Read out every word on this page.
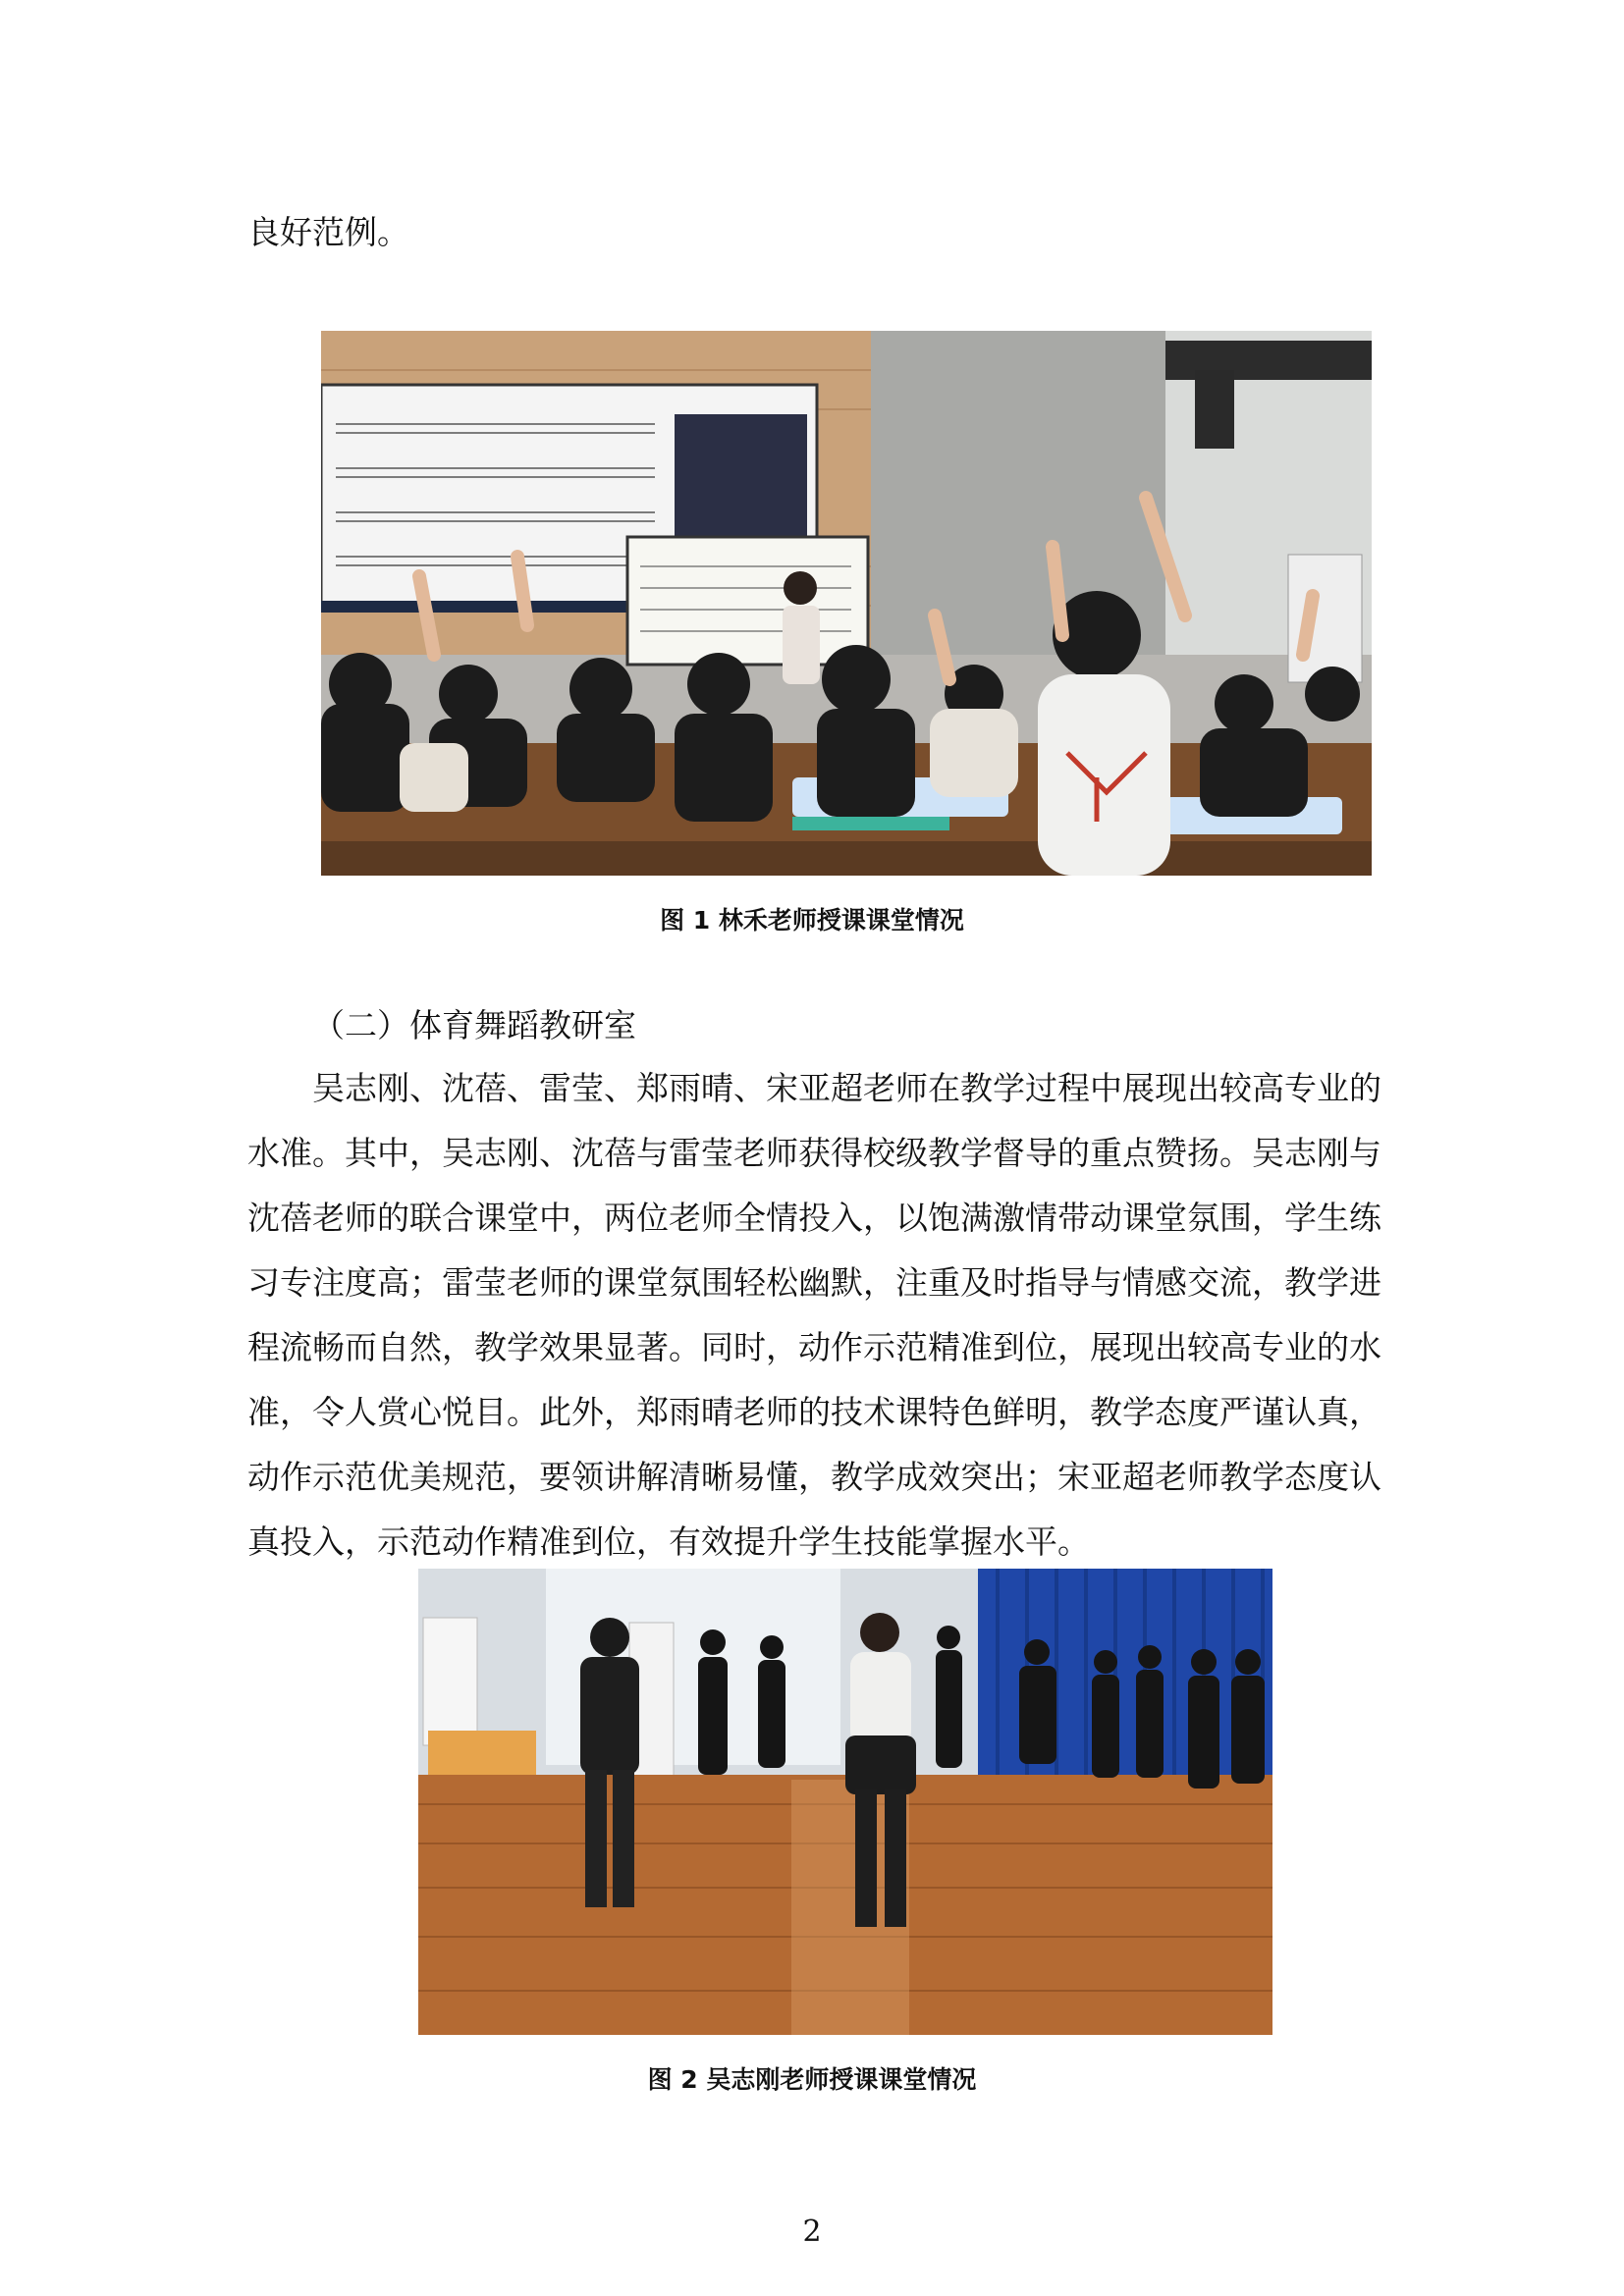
良好范例。

图 1 林禾老师授课课堂情况

（二）体育舞蹈教研室

吴志刚、沈蓓、雷莹、郑雨晴、宋亚超老师在教学过程中展现出较高专业的水准。其中，吴志刚、沈蓓与雷莹老师获得校级教学督导的重点赞扬。吴志刚与沈蓓老师的联合课堂中，两位老师全情投入，以饱满激情带动课堂氛围，学生练习专注度高；雷莹老师的课堂氛围轻松幽默，注重及时指导与情感交流，教学进程流畅而自然，教学效果显著。同时，动作示范精准到位，展现出较高专业的水准，令人赏心悦目。此外，郑雨晴老师的技术课特色鲜明，教学态度严谨认真，动作示范优美规范，要领讲解清晰易懂，教学成效突出；宋亚超老师教学态度认真投入，示范动作精准到位，有效提升学生技能掌握水平。

图 2 吴志刚老师授课课堂情况
2
